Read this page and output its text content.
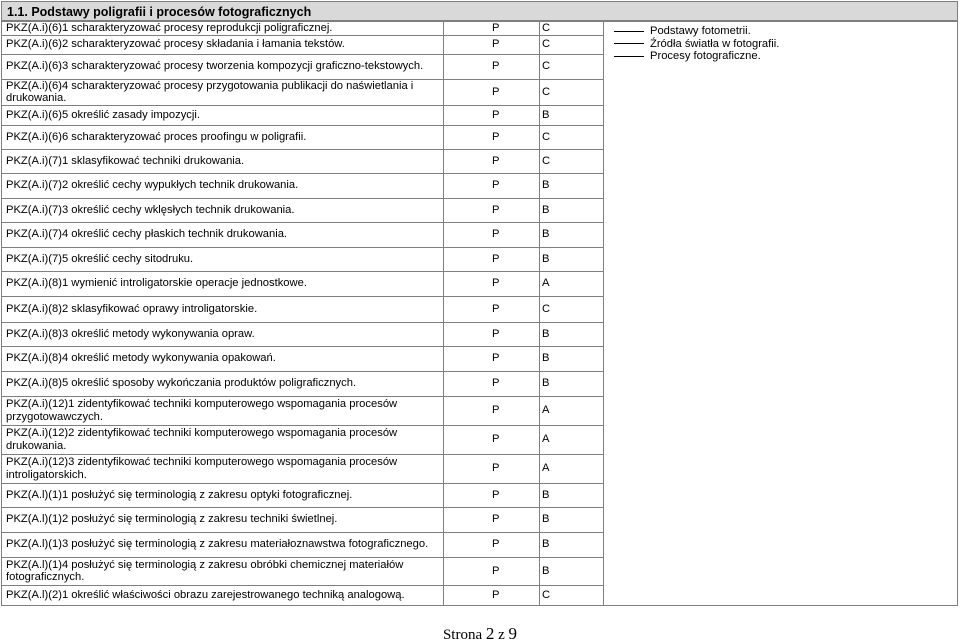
1.1. Podstawy poligrafii i procesów fotograficznych
PKZ(A.i)(6)1 scharakteryzować procesy reprodukcji poligraficznej.	P	C	Podstawy fotometrii.
Źródła światła w fotografii.
Procesy fotograficzne.

PKZ(A.i)(6)2 scharakteryzować procesy składania i łamania tekstów.	P	C	
PKZ(A.i)(6)3 scharakteryzować procesy tworzenia kompozycji graficzno-tekstowych.	P	C	
PKZ(A.i)(6)4 scharakteryzować procesy przygotowania publikacji do naświetlania i drukowania.	P	C	
PKZ(A.i)(6)5 określić zasady impozycji.	P	B	
PKZ(A.i)(6)6 scharakteryzować proces proofingu w poligrafii.	P	C	
PKZ(A.i)(7)1 sklasyfikować techniki drukowania.	P	C	
PKZ(A.i)(7)2 określić cechy wypukłych technik drukowania.	P	B	
PKZ(A.i)(7)3 określić cechy wklęsłych technik drukowania.	P	B	
PKZ(A.i)(7)4 określić cechy płaskich technik drukowania.	P	B	
PKZ(A.i)(7)5 określić cechy sitodruku.	P	B	
PKZ(A.i)(8)1 wymienić introligatorskie operacje jednostkowe.	P	A	
PKZ(A.i)(8)2 sklasyfikować oprawy introligatorskie.	P	C	
PKZ(A.i)(8)3 określić metody wykonywania opraw.	P	B	
PKZ(A.i)(8)4 określić metody wykonywania opakowań.	P	B	
PKZ(A.i)(8)5 określić sposoby wykończania produktów poligraficznych.	P	B	
PKZ(A.i)(12)1 zidentyfikować techniki komputerowego wspomagania procesów przygotowawczych.	P	A	
PKZ(A.i)(12)2 zidentyfikować techniki komputerowego wspomagania procesów drukowania.	P	A	
PKZ(A.i)(12)3 zidentyfikować techniki komputerowego wspomagania procesów introligatorskich.	P	A	
PKZ(A.l)(1)1 posłużyć się terminologią z zakresu optyki fotograficznej.	P	B	
PKZ(A.l)(1)2 posłużyć się terminologią z zakresu techniki świetlnej.	P	B	
PKZ(A.l)(1)3 posłużyć się terminologią z zakresu materiałoznawstwa fotograficznego.	P	B	
PKZ(A.l)(1)4 posłużyć się terminologią z zakresu obróbki chemicznej materiałów fotograficznych.	P	B	
PKZ(A.l)(2)1 określić właściwości obrazu zarejestrowanego techniką analogową.	P	C	
Strona 2 z 9
